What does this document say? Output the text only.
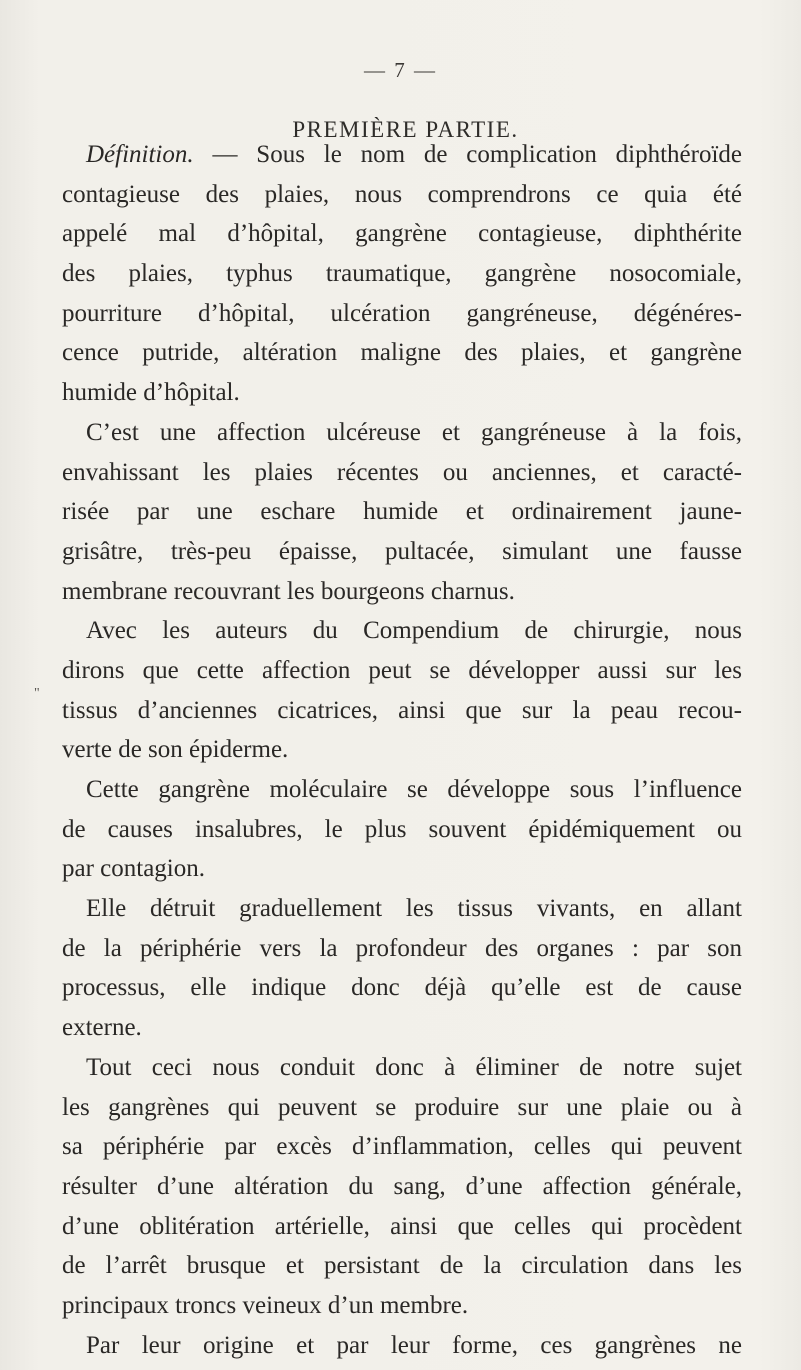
— 7 —
PREMIÈRE PARTIE.
"
Définition. — Sous le nom de complication diphthéroïde
contagieuse des plaies, nous comprendrons ce quia été
appelé mal d’hôpital, gangrène contagieuse, diphthérite
des plaies, typhus traumatique, gangrène nosocomiale,
pourriture d’hôpital, ulcération gangréneuse, dégénéres-
cence putride, altération maligne des plaies, et gangrène
humide d’hôpital.
C’est une affection ulcéreuse et gangréneuse à la fois,
envahissant les plaies récentes ou anciennes, et caracté-
risée par une eschare humide et ordinairement jaune-
grisâtre, très-peu épaisse, pultacée, simulant une fausse
membrane recouvrant les bourgeons charnus.
Avec les auteurs du Compendium de chirurgie, nous
dirons que cette affection peut se développer aussi sur les
tissus d’anciennes cicatrices, ainsi que sur la peau recou-
verte de son épiderme.
Cette gangrène moléculaire se développe sous l’influence
de causes insalubres, le plus souvent épidémiquement ou
par contagion.
Elle détruit graduellement les tissus vivants, en allant
de la périphérie vers la profondeur des organes : par son
processus, elle indique donc déjà qu’elle est de cause
externe.
Tout ceci nous conduit donc à éliminer de notre sujet
les gangrènes qui peuvent se produire sur une plaie ou à
sa périphérie par excès d’inflammation, celles qui peuvent
résulter d’une altération du sang, d’une affection générale,
d’une oblitération artérielle, ainsi que celles qui procèdent
de l’arrêt brusque et persistant de la circulation dans les
principaux troncs veineux d’un membre.
Par leur origine et par leur forme, ces gangrènes ne
